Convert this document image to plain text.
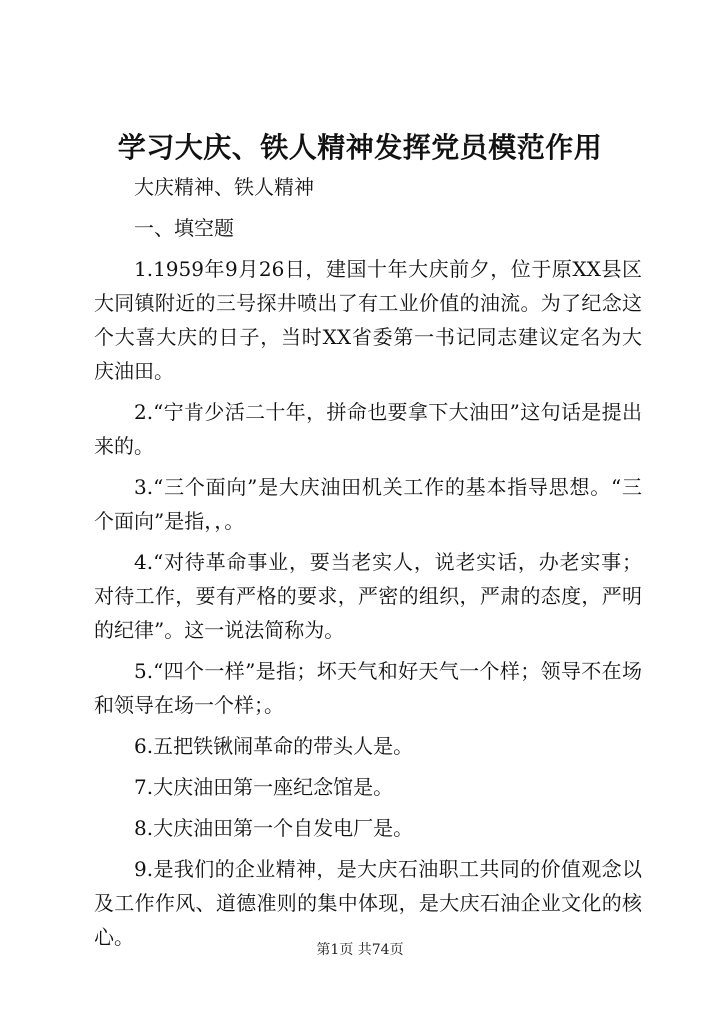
学习大庆、铁人精神发挥党员模范作用

大庆精神、铁人精神

一、填空题

1.1959年9月26日，建国十年大庆前夕，位于原XX县区大同镇附近的三号探井喷出了有工业价值的油流。为了纪念这个大喜大庆的日子，当时XX省委第一书记同志建议定名为大庆油田。

2.“宁肯少活二十年，拼命也要拿下大油田”这句话是提出来的。

3.“三个面向”是大庆油田机关工作的基本指导思想。“三个面向”是指，，。

4.“对待革命事业，要当老实人，说老实话，办老实事；对待工作，要有严格的要求，严密的组织，严肃的态度，严明的纪律”。这一说法简称为。

5.“四个一样”是指；坏天气和好天气一个样；领导不在场和领导在场一个样；。

6.五把铁锹闹革命的带头人是。

7.大庆油田第一座纪念馆是。

8.大庆油田第一个自发电厂是。

9.是我们的企业精神，是大庆石油职工共同的价值观念以及工作作风、道德准则的集中体现，是大庆石油企业文化的核心。

第1页 共74页
